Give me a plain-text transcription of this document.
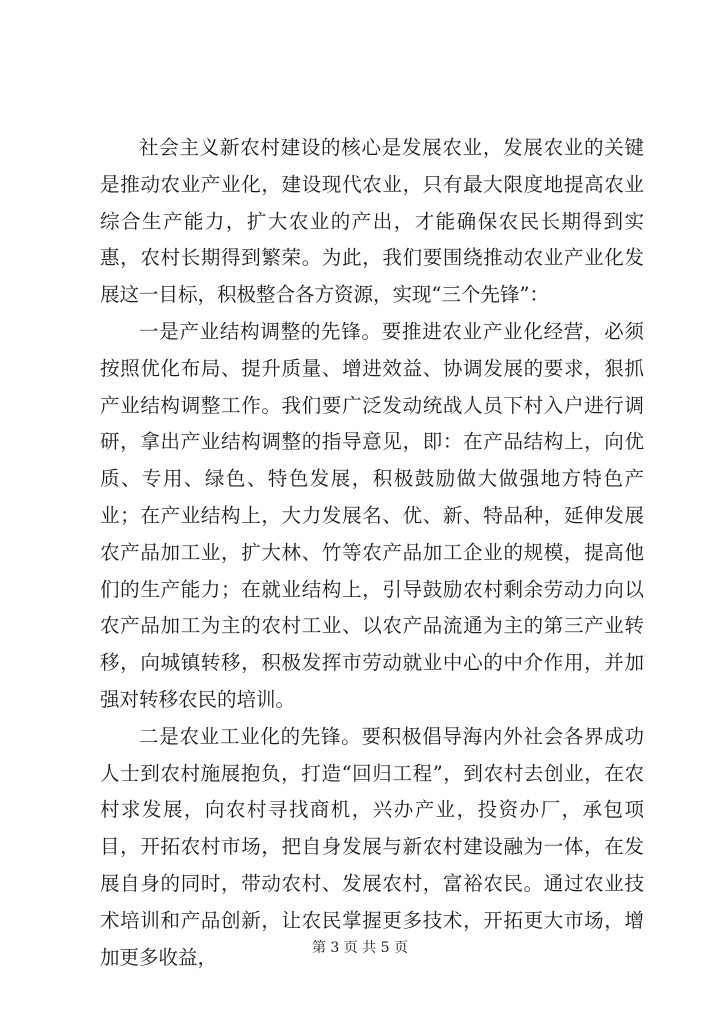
社会主义新农村建设的核心是发展农业，发展农业的关键是推动农业产业化，建设现代农业，只有最大限度地提高农业综合生产能力，扩大农业的产出，才能确保农民长期得到实惠，农村长期得到繁荣。为此，我们要围绕推动农业产业化发展这一目标，积极整合各方资源，实现“三个先锋”：

一是产业结构调整的先锋。要推进农业产业化经营，必须按照优化布局、提升质量、增进效益、协调发展的要求，狠抓产业结构调整工作。我们要广泛发动统战人员下村入户进行调研，拿出产业结构调整的指导意见，即：在产品结构上，向优质、专用、绿色、特色发展，积极鼓励做大做强地方特色产业；在产业结构上，大力发展名、优、新、特品种，延伸发展农产品加工业，扩大林、竹等农产品加工企业的规模，提高他们的生产能力；在就业结构上，引导鼓励农村剩余劳动力向以农产品加工为主的农村工业、以农产品流通为主的第三产业转移，向城镇转移，积极发挥市劳动就业中心的中介作用，并加强对转移农民的培训。

二是农业工业化的先锋。要积极倡导海内外社会各界成功人士到农村施展抱负，打造“回归工程”，到农村去创业，在农村求发展，向农村寻找商机，兴办产业，投资办厂，承包项目，开拓农村市场，把自身发展与新农村建设融为一体，在发展自身的同时，带动农村、发展农村，富裕农民。通过农业技术培训和产品创新，让农民掌握更多技术，开拓更大市场，增加更多收益，	第 3 页 共 5 页
